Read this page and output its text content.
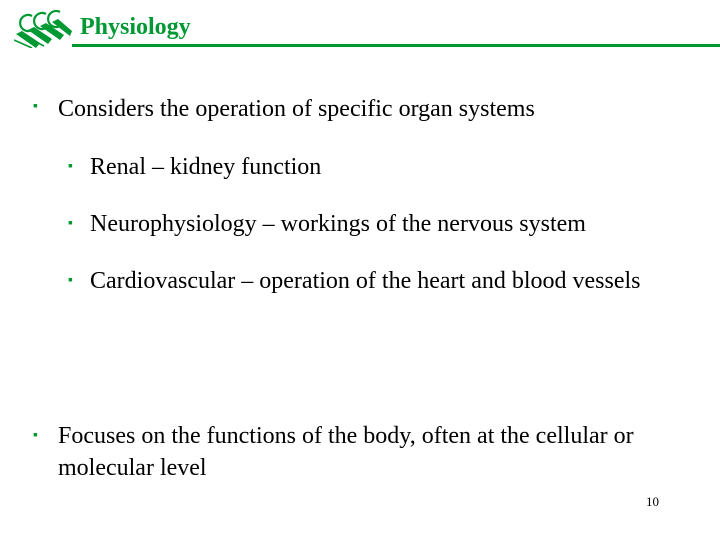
Physiology
▪ Considers the operation of specific organ systems
▪ Renal – kidney function
▪ Neurophysiology – workings of the nervous system
▪ Cardiovascular – operation of the heart and blood vessels
▪ Focuses on the functions of the body, often at the cellular or molecular level
10
